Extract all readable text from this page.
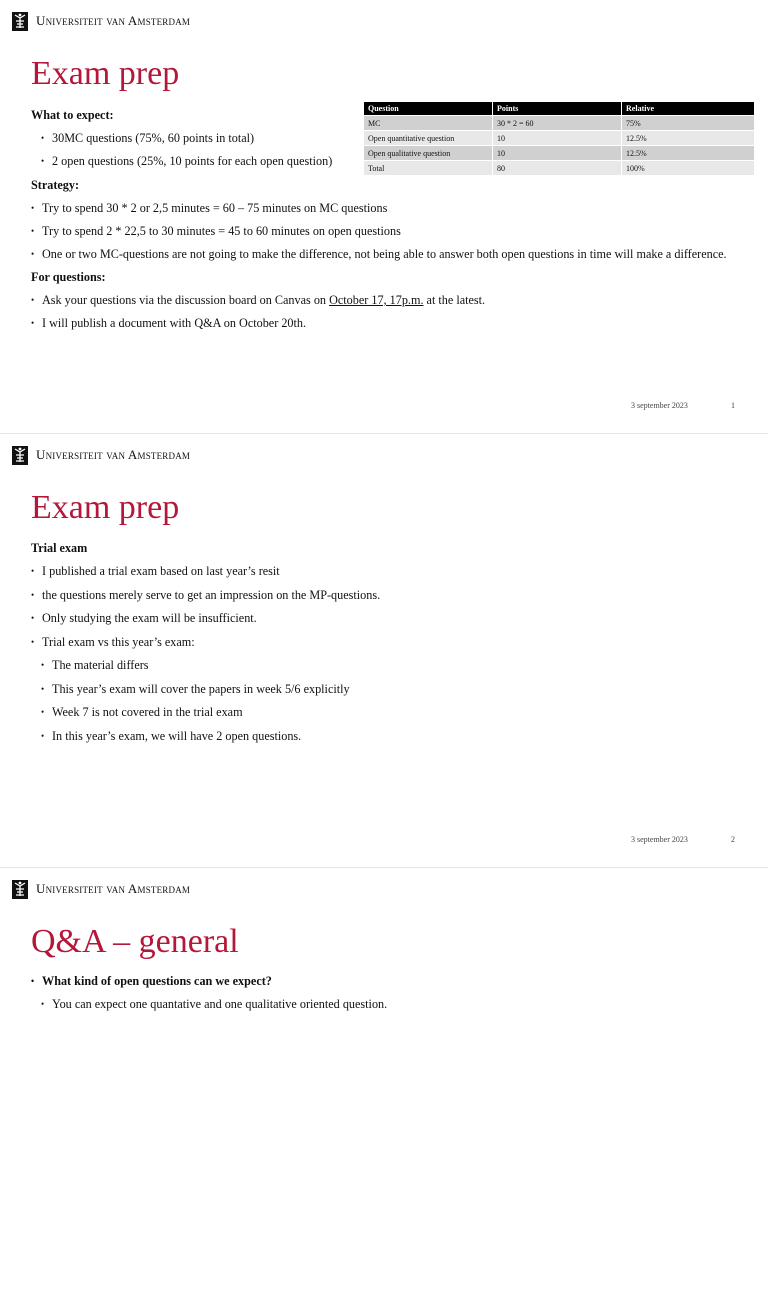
Universiteit van Amsterdam
Exam prep

What to expect:

• 30MC questions (75%, 60 points in total)
• 2 open questions (25%, 10 points for each open question)

Strategy:

• Try to spend 30 * 2 or 2,5 minutes = 60 – 75 minutes on MC questions
• Try to spend 2 * 22,5 to 30 minutes = 45 to 60 minutes on open questions
• One or two MC-questions are not going to make the difference, not being able to answer both open questions in time will make a difference.

For questions:

• Ask your questions via the discussion board on Canvas on October 17, 17p.m. at the latest.
• I will publish a document with Q&A on October 20th.
Question	Points	Relative
MC	30 * 2 = 60	75%
Open quantitative question	10	12.5%
Open qualitative question	10	12.5%
Total	80	100%
3 september 2023	1
Universiteit van Amsterdam
Exam prep

Trial exam

• I published a trial exam based on last year’s resit
• the questions merely serve to get an impression on the MP-questions.
• Only studying the exam will be insufficient.
• Trial exam vs this year’s exam:
• The material differs
• This year’s exam will cover the papers in week 5/6 explicitly
• Week 7 is not covered in the trial exam
• In this year’s exam, we will have 2 open questions.
3 september 2023	2
Universiteit van Amsterdam
Q&A – general
• What kind of open questions can we expect?
• You can expect one quantative and one qualitative oriented question.
